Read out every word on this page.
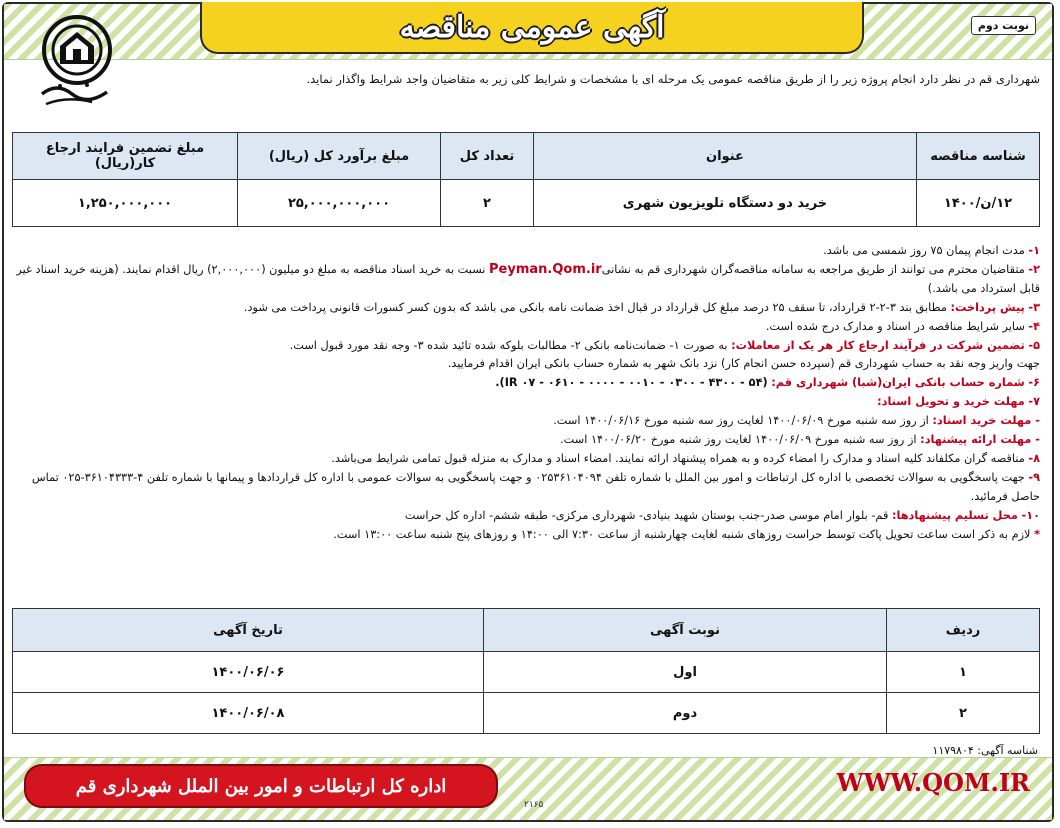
آگهی عمومی مناقصه	نوبت دوم
شهرداری قم در نظر دارد انجام پروژه زیر را از طریق مناقصه عمومی یک مرحله ای با مشخصات و شرایط کلی زیر به متقاضیان واجد شرایط واگذار نماید.
شناسه مناقصه	عنوان	تعداد کل	مبلغ برآورد کل (ریال)	مبلغ تضمین فرایند ارجاع کار(ریال)
۱۲/ن/۱۴۰۰	خرید دو دستگاه تلویزیون شهری	۲	۲۵,۰۰۰,۰۰۰,۰۰۰	۱,۲۵۰,۰۰۰,۰۰۰

۱- مدت انجام پیمان ۷۵ روز شمسی می باشد.

۲- متقاضیان محترم می توانند از طریق مراجعه به سامانه مناقصه‌گران شهرداری قم به نشانیPeyman.Qom.ir نسبت به خرید اسناد مناقصه به مبلغ دو میلیون (۲,۰۰۰,۰۰۰) ریال اقدام نمایند. (هزینه خرید اسناد غیر قابل استرداد می باشد.)

۳- پیش پرداخت: مطابق بند ۳-۲-۲ قرارداد، تا سقف ۲۵ درصد مبلغ کل قرارداد در قبال اخذ ضمانت نامه بانکی می باشد که بدون کسر کسورات قانونی پرداخت می شود.

۴- سایر شرایط مناقصه در اسناد و مدارک درج شده است.

۵- تضمین شرکت در فرآیند ارجاع کار هر یک از معاملات: به صورت ۱- ضمانت‌نامه بانکی ۲- مطالبات بلوکه شده تائید شده ۳- وجه نقد مورد قبول است.

جهت واریز وجه نقد به حساب شهرداری قم (سپرده حسن انجام کار) نزد بانک شهر به شماره حساب بانکی ایران اقدام فرمایید.

۶- شماره حساب بانکی ایران(شبا) شهرداری قم: (۵۴ - ۴۳۰۰ - ۰۳۰۰ - ۰۰۱۰ - ۰۰۰۰ - ۰۶۱۰ - ۰۷ IR).

۷- مهلت خرید و تحویل اسناد:

- مهلت خرید اسناد: از روز سه شنبه مورخ ۱۴۰۰/۰۶/۰۹ لغایت روز سه شنبه مورخ ۱۴۰۰/۰۶/۱۶ است.

- مهلت ارائه پیشنهاد: از روز سه شنبه مورخ ۱۴۰۰/۰۶/۰۹ لغایت روز شنبه مورخ ۱۴۰۰/۰۶/۲۰ است.

۸- مناقصه گران مکلفاند کلیه اسناد و مدارک را امضاء کرده و به همراه پیشنهاد ارائه نمایند. امضاء اسناد و مدارک به منزله قبول تمامی شرایط می‌باشد.

۹- جهت پاسخگویی به سوالات تخصصی با اداره کل ارتباطات و امور بین الملل با شماره تلفن ۰۲۵۳۶۱۰۴۰۹۴ و جهت پاسخگویی به سوالات عمومی با اداره کل قراردادها و پیمانها با شماره تلفن ۴-۳۶۱۰۴۳۳۳-۰۲۵ تماس حاصل فرمائید.

۱۰- محل تسلیم پیشنهادها: قم- بلوار امام موسی صدر-جنب بوستان شهید بنیادی- شهرداری مرکزی- طبقه ششم- اداره کل حراست

* لازم به ذکر است ساعت تحویل پاکت توسط حراست روزهای شنبه لغایت چهارشنبه از ساعت ۷:۳۰ الی ۱۴:۰۰ و روزهای پنج شنبه ساعت ۱۳:۰۰ است.

ردیف	نوبت آگهی	تاریخ آگهی
۱	اول	۱۴۰۰/۰۶/۰۶
۲	دوم	۱۴۰۰/۰۶/۰۸
شناسه آگهی: ۱۱۷۹۸۰۴
اداره کل ارتباطات و امور بین الملل شهرداری قم	WWW.QOM.IR
۲۱۶۵
